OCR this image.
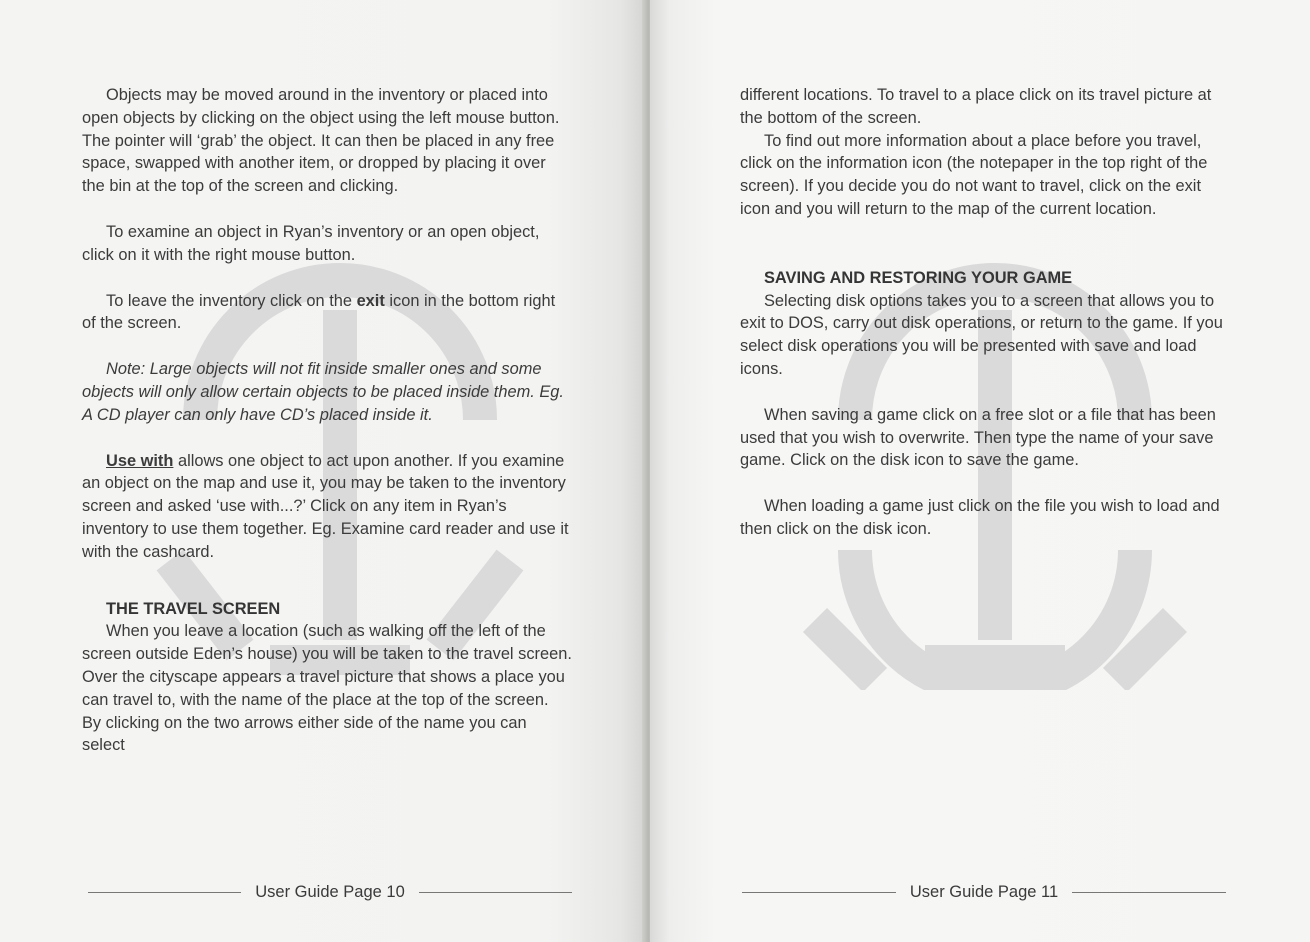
Objects may be moved around in the inventory or placed into open objects by clicking on the object using the left mouse button. The pointer will ‘grab’ the object. It can then be placed in any free space, swapped with another item, or dropped by placing it over the bin at the top of the screen and clicking.

To examine an object in Ryan’s inventory or an open object, click on it with the right mouse button.

To leave the inventory click on the exit icon in the bottom right of the screen.

Note: Large objects will not fit inside smaller ones and some objects will only allow certain objects to be placed inside them. Eg. A CD player can only have CD’s placed inside it.

Use with allows one object to act upon another. If you examine an object on the map and use it, you may be taken to the inventory screen and asked ‘use with...?’ Click on any item in Ryan’s inventory to use them together. Eg. Examine card reader and use it with the cashcard.

THE TRAVEL SCREEN

When you leave a location (such as walking off the left of the screen outside Eden’s house) you will be taken to the travel screen. Over the cityscape appears a travel picture that shows a place you can travel to, with the name of the place at the top of the screen. By clicking on the two arrows either side of the name you can select

User Guide Page 10

different locations. To travel to a place click on its travel picture at the bottom of the screen.

To find out more information about a place before you travel, click on the information icon (the notepaper in the top right of the screen). If you decide you do not want to travel, click on the exit icon and you will return to the map of the current location.

SAVING AND RESTORING YOUR GAME

Selecting disk options takes you to a screen that allows you to exit to DOS, carry out disk operations, or return to the game. If you select disk operations you will be presented with save and load icons.

When saving a game click on a free slot or a file that has been used that you wish to overwrite. Then type the name of your save game. Click on the disk icon to save the game.

When loading a game just click on the file you wish to load and then click on the disk icon.

User Guide Page 11
